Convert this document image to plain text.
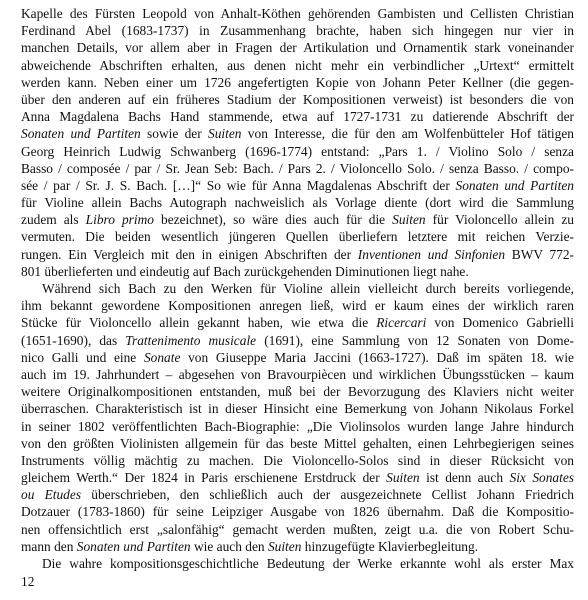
Kapelle des Fürsten Leopold von Anhalt-Köthen gehörenden Gambisten und Cellisten Christian
Ferdinand Abel (1683-1737) in Zusammenhang brachte, haben sich hingegen nur vier in
manchen Details, vor allem aber in Fragen der Artikulation und Ornamentik stark voneinander
abweichende Abschriften erhalten, aus denen nicht mehr ein verbindlicher „Urtext“ ermittelt
werden kann. Neben einer um 1726 angefertigten Kopie von Johann Peter Kellner (die gegen-
über den anderen auf ein früheres Stadium der Kompositionen verweist) ist besonders die von
Anna Magdalena Bachs Hand stammende, etwa auf 1727-1731 zu datierende Abschrift der
Sonaten und Partiten sowie der Suiten von Interesse, die für den am Wolfenbütteler Hof tätigen
Georg Heinrich Ludwig Schwanberg (1696-1774) entstand: „Pars 1. / Violino Solo / senza
Basso / composée / par / Sr. Jean Seb: Bach. / Pars 2. / Violoncello Solo. / senza Basso. / compo-
sée / par / Sr. J. S. Bach. […]“ So wie für Anna Magdalenas Abschrift der Sonaten und Partiten
für Violine allein Bachs Autograph nachweislich als Vorlage diente (dort wird die Sammlung
zudem als Libro primo bezeichnet), so wäre dies auch für die Suiten für Violoncello allein zu
vermuten. Die beiden wesentlich jüngeren Quellen überliefern letztere mit reichen Verzie-
rungen. Ein Vergleich mit den in einigen Abschriften der Inventionen und Sinfonien BWV 772-
801 überlieferten und eindeutig auf Bach zurückgehenden Diminutionen liegt nahe.
Während sich Bach zu den Werken für Violine allein vielleicht durch bereits vorliegende,
ihm bekannt gewordene Kompositionen anregen ließ, wird er kaum eines der wirklich raren
Stücke für Violoncello allein gekannt haben, wie etwa die Ricercari von Domenico Gabrielli
(1651-1690), das Trattenimento musicale (1691), eine Sammlung von 12 Sonaten von Dome-
nico Galli und eine Sonate von Giuseppe Maria Jaccini (1663-1727). Daß im späten 18. wie
auch im 19. Jahrhundert – abgesehen von Bravourpiècen und wirklichen Übungsstücken – kaum
weitere Originalkompositionen entstanden, muß bei der Bevorzugung des Klaviers nicht weiter
überraschen. Charakteristisch ist in dieser Hinsicht eine Bemerkung von Johann Nikolaus Forkel
in seiner 1802 veröffentlichten Bach-Biographie: „Die Violinsolos wurden lange Jahre hindurch
von den größten Violinisten allgemein für das beste Mittel gehalten, einen Lehrbegierigen seines
Instruments völlig mächtig zu machen. Die Violoncello-Solos sind in dieser Rücksicht von
gleichem Werth.“ Der 1824 in Paris erschienene Erstdruck der Suiten ist denn auch Six Sonates
ou Etudes überschrieben, den schließlich auch der ausgezeichnete Cellist Johann Friedrich
Dotzauer (1783-1860) für seine Leipziger Ausgabe von 1826 übernahm. Daß die Kompositio-
nen offensichtlich erst „salonfähig“ gemacht werden mußten, zeigt u.a. die von Robert Schu-
mann den Sonaten und Partiten wie auch den Suiten hinzugefügte Klavierbegleitung.
Die wahre kompositionsgeschichtliche Bedeutung der Werke erkannte wohl als erster Max
12
